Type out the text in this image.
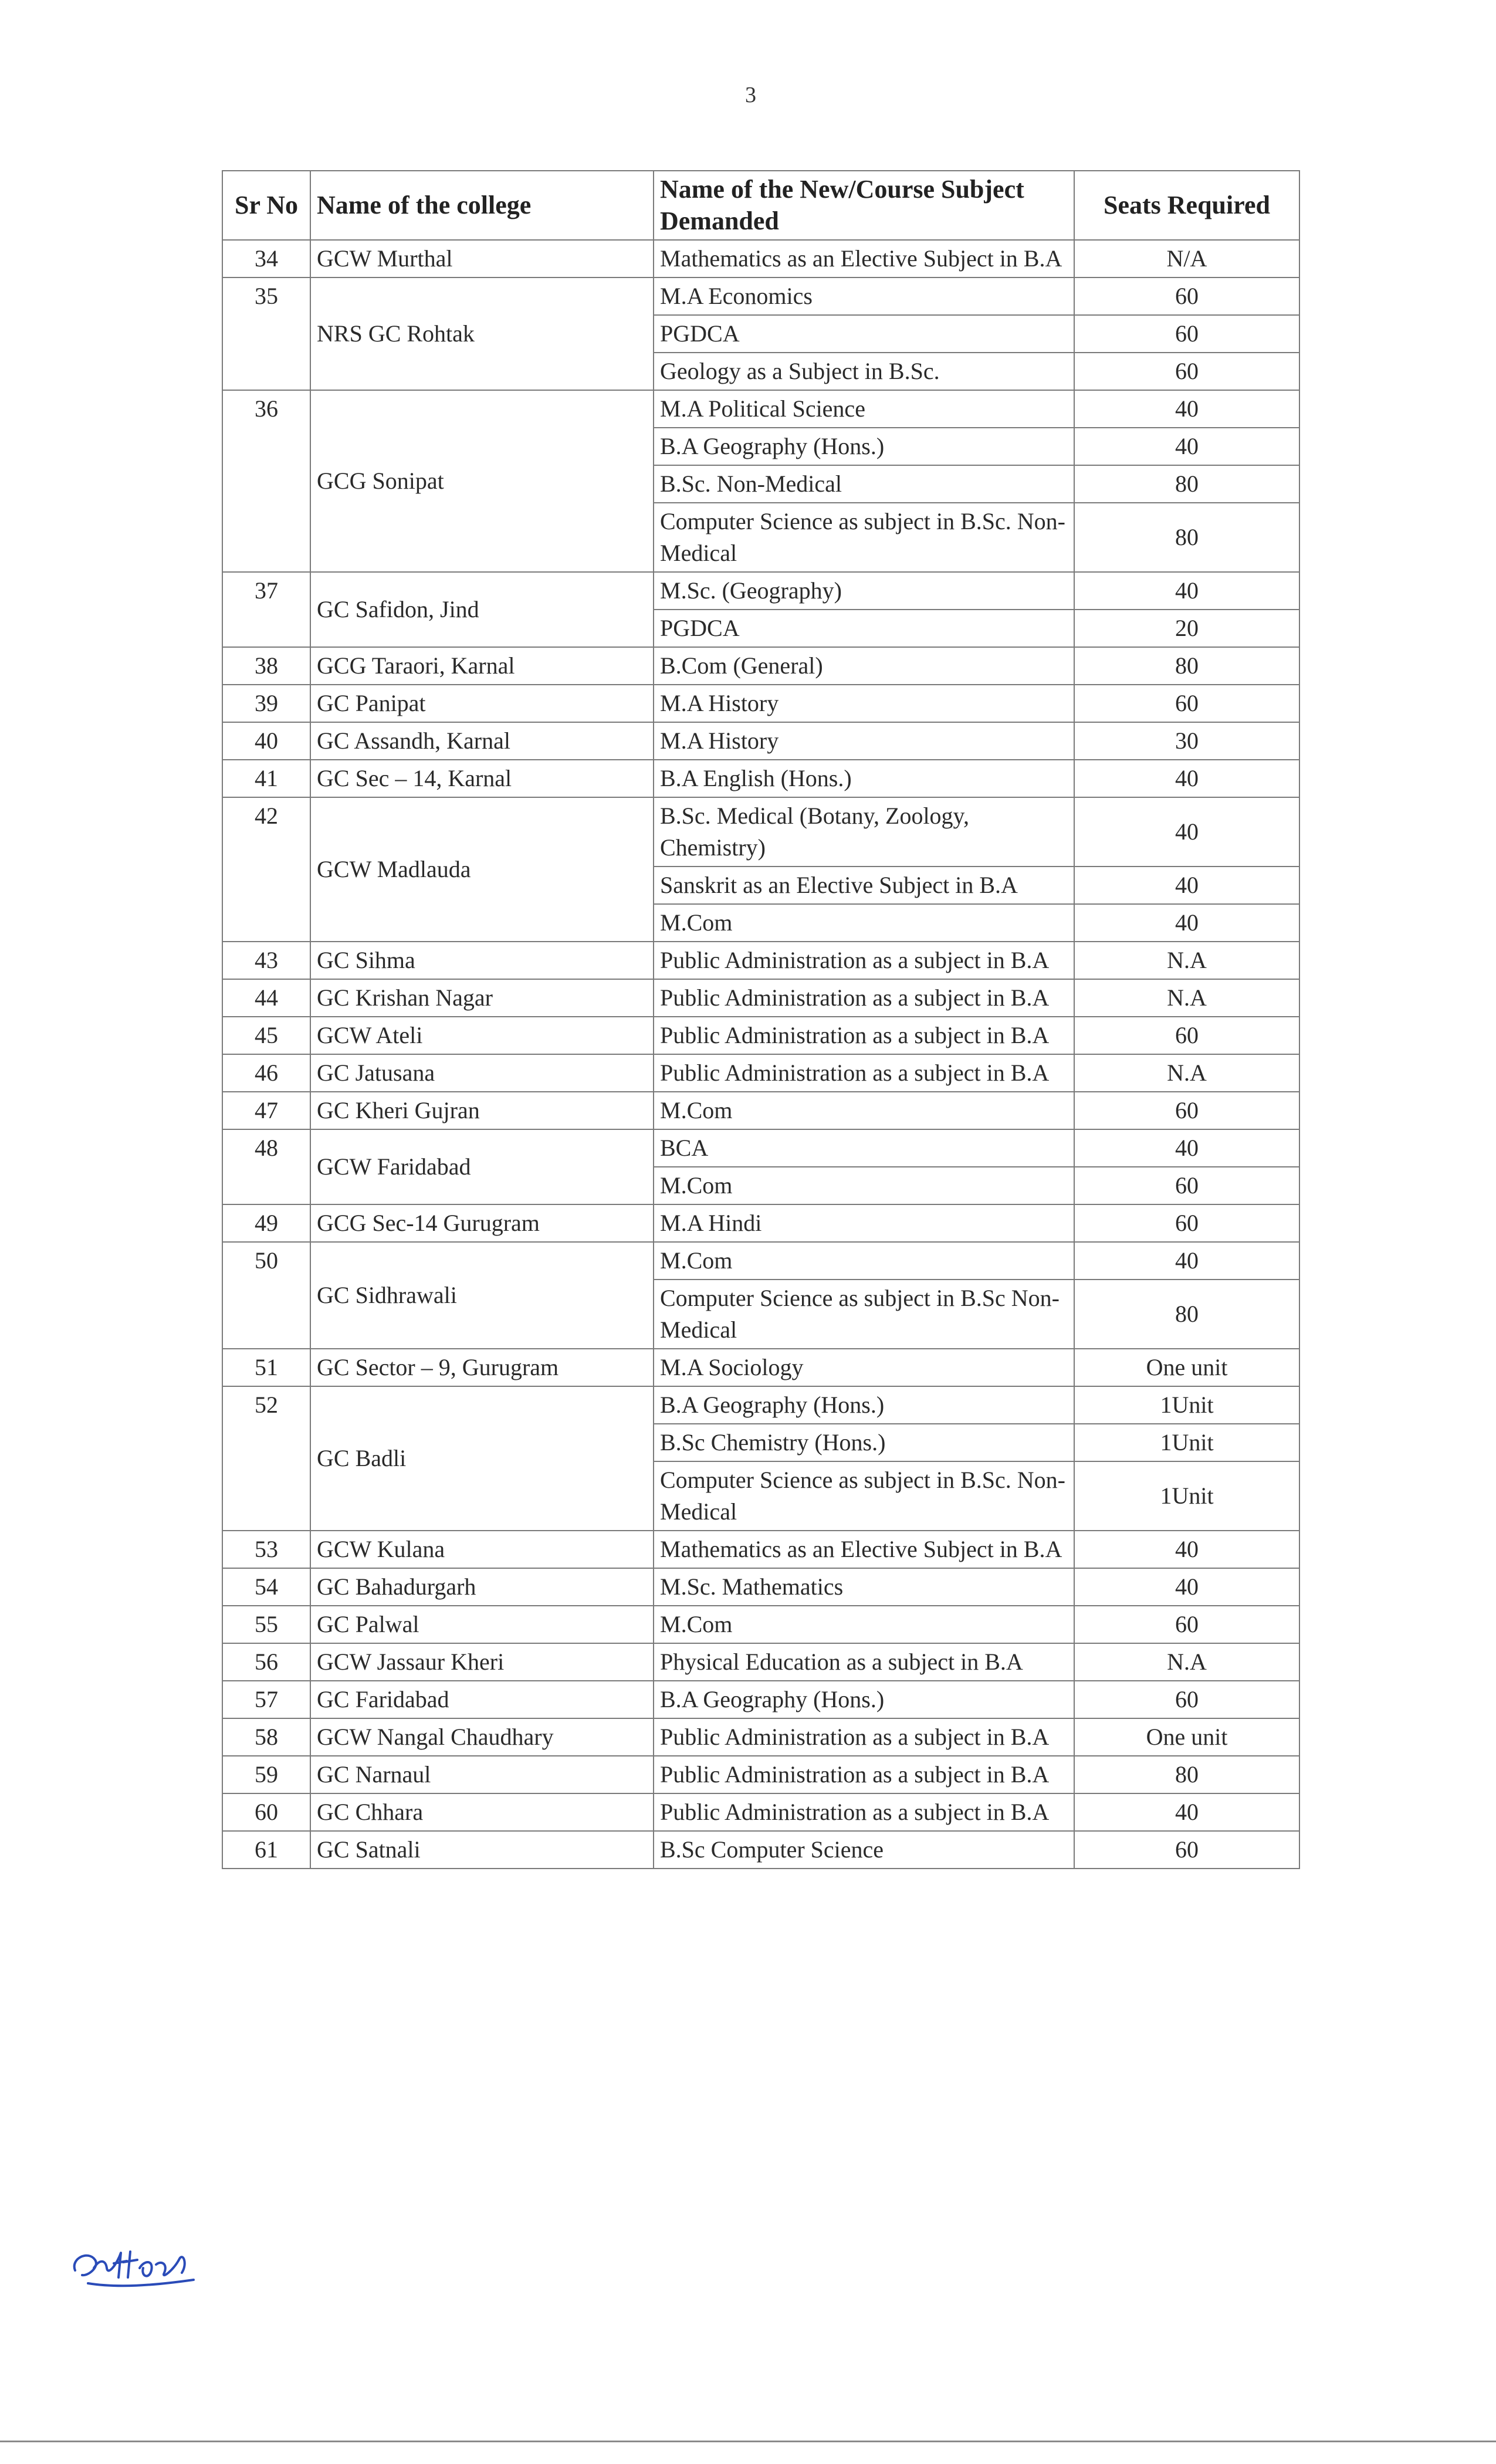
3
Sr No	Name of the college	Name of the New/Course Subject Demanded	Seats Required
34	GCW Murthal	Mathematics as an Elective Subject in B.A	N/A
35	NRS GC Rohtak	M.A Economics	60
		PGDCA	60
		Geology as a Subject in B.Sc.	60
36	GCG Sonipat	M.A Political Science	40
		B.A Geography (Hons.)	40
		B.Sc. Non-Medical	80
		Computer Science as subject in B.Sc. Non-Medical	80
37	GC Safidon, Jind	M.Sc. (Geography)	40
		PGDCA	20
38	GCG Taraori, Karnal	B.Com (General)	80
39	GC Panipat	M.A History	60
40	GC Assandh, Karnal	M.A History	30
41	GC Sec – 14, Karnal	B.A English (Hons.)	40
42	GCW Madlauda	B.Sc. Medical (Botany, Zoology, Chemistry)	40
		Sanskrit as an Elective Subject in B.A	40
		M.Com	40
43	GC Sihma	Public Administration as a subject in B.A	N.A
44	GC Krishan Nagar	Public Administration as a subject in B.A	N.A
45	GCW Ateli	Public Administration as a subject in B.A	60
46	GC Jatusana	Public Administration as a subject in B.A	N.A
47	GC Kheri Gujran	M.Com	60
48	GCW Faridabad	BCA	40
		M.Com	60
49	GCG Sec-14 Gurugram	M.A Hindi	60
50	GC Sidhrawali	M.Com	40
		Computer Science as subject in B.Sc Non-Medical	80
51	GC Sector – 9, Gurugram	M.A Sociology	One unit
52	GC Badli	B.A Geography (Hons.)	1Unit
		B.Sc Chemistry (Hons.)	1Unit
		Computer Science as subject in B.Sc. Non-Medical	1Unit
53	GCW Kulana	Mathematics as an Elective Subject in B.A	40
54	GC Bahadurgarh	M.Sc. Mathematics	40
55	GC Palwal	M.Com	60
56	GCW Jassaur Kheri	Physical Education as a subject in B.A	N.A
57	GC Faridabad	B.A Geography (Hons.)	60
58	GCW Nangal Chaudhary	Public Administration as a subject in B.A	One unit
59	GC Narnaul	Public Administration as a subject in B.A	80
60	GC Chhara	Public Administration as a subject in B.A	40
61	GC Satnali	B.Sc Computer Science	60
